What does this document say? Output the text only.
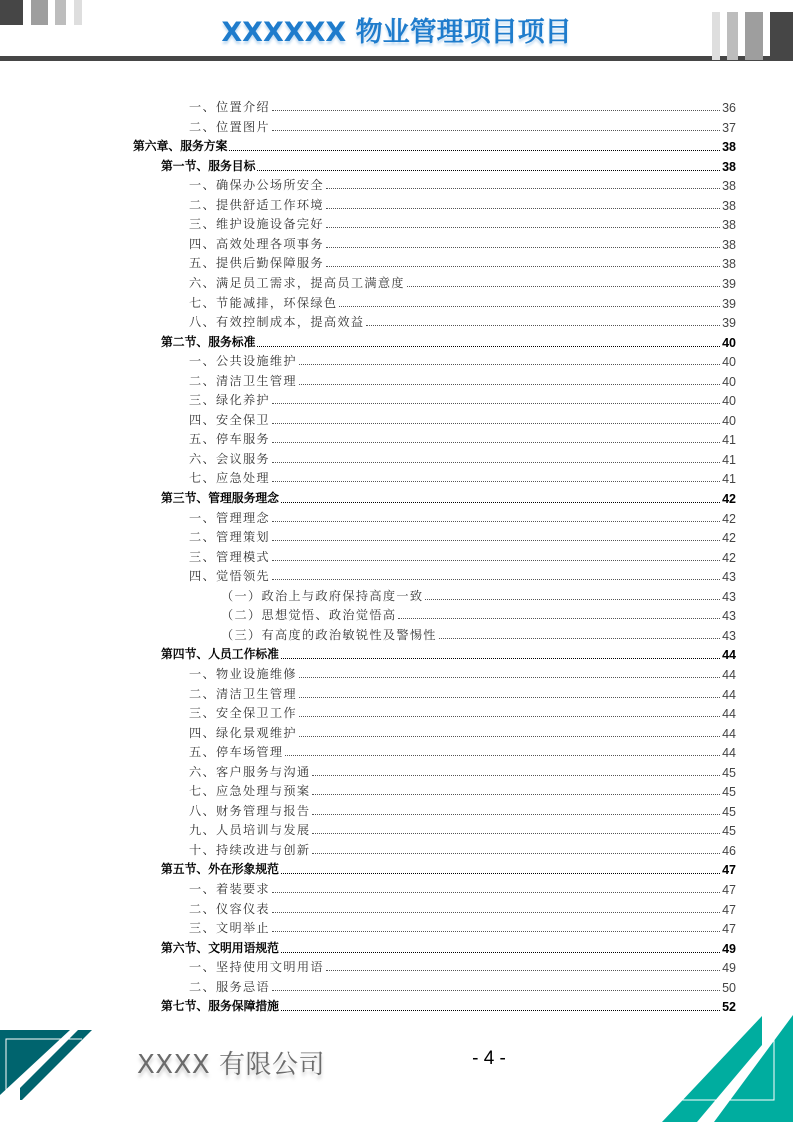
XXXXXX 物业管理项目项目
一、位置介绍	36
二、位置图片	37
第六章、服务方案	38
第一节、服务目标	38
一、确保办公场所安全	38
二、提供舒适工作环境	38
三、维护设施设备完好	38
四、高效处理各项事务	38
五、提供后勤保障服务	38
六、满足员工需求，提高员工满意度	39
七、节能减排，环保绿色	39
八、有效控制成本，提高效益	39
第二节、服务标准	40
一、公共设施维护	40
二、清洁卫生管理	40
三、绿化养护	40
四、安全保卫	40
五、停车服务	41
六、会议服务	41
七、应急处理	41
第三节、管理服务理念	42
一、管理理念	42
二、管理策划	42
三、管理模式	42
四、觉悟领先	43
（一）政治上与政府保持高度一致	43
（二）思想觉悟、政治觉悟高	43
（三）有高度的政治敏锐性及警惕性	43
第四节、人员工作标准	44
一、物业设施维修	44
二、清洁卫生管理	44
三、安全保卫工作	44
四、绿化景观维护	44
五、停车场管理	44
六、客户服务与沟通	45
七、应急处理与预案	45
八、财务管理与报告	45
九、人员培训与发展	45
十、持续改进与创新	46
第五节、外在形象规范	47
一、着装要求	47
二、仪容仪表	47
三、文明举止	47
第六节、文明用语规范	49
一、坚持使用文明用语	49
二、服务忌语	50
第七节、服务保障措施	52
XXXX 有限公司	- 4 -
